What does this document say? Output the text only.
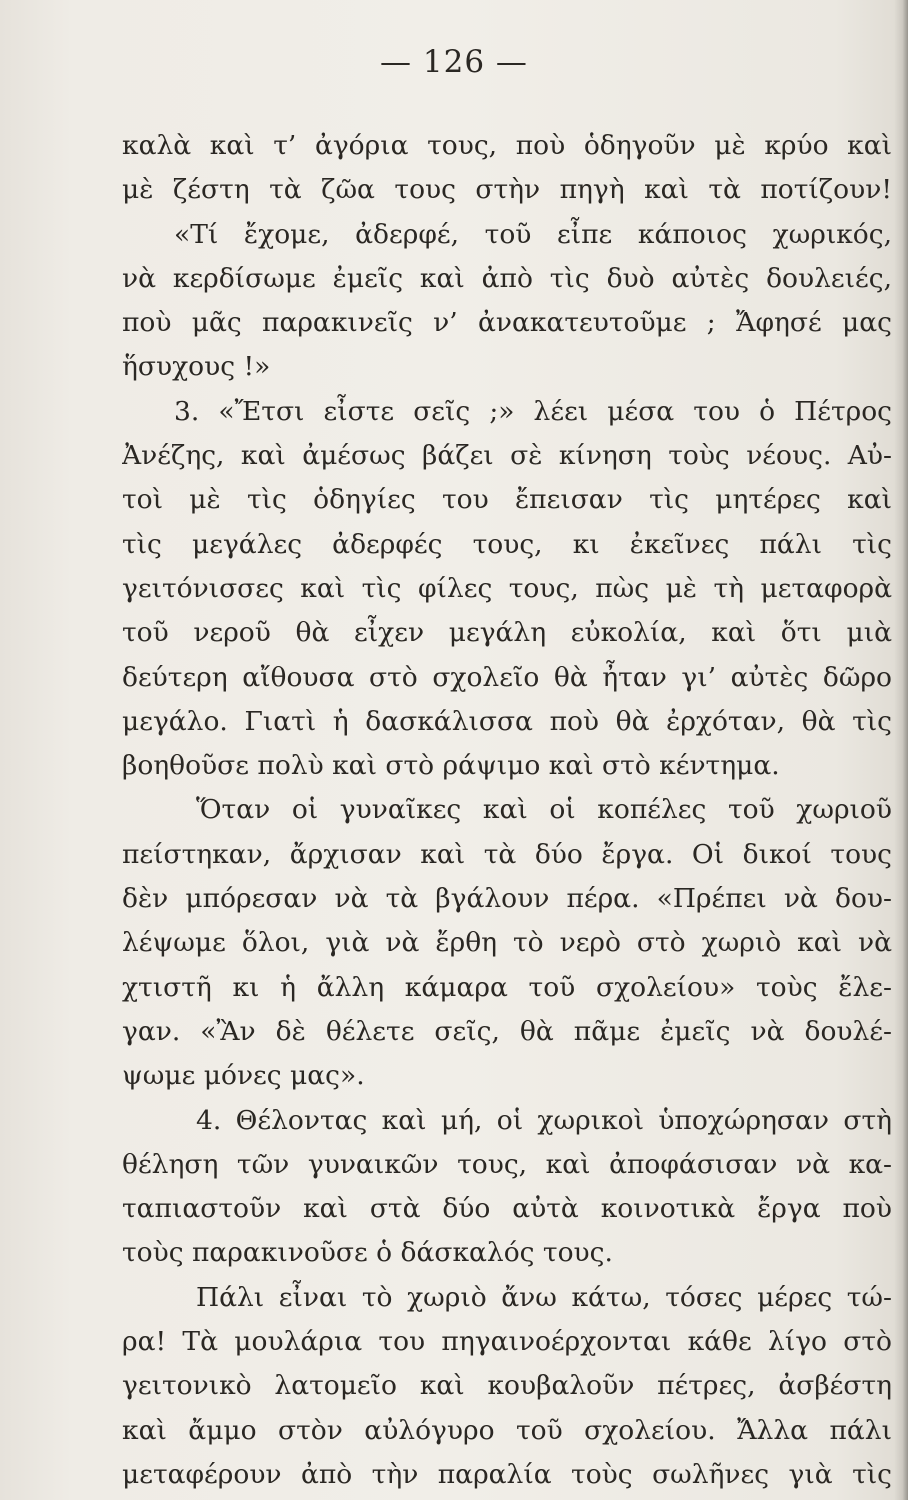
— 126 —
καλὰ καὶ τ’ ἀγόρια τους, ποὺ ὁδηγοῦν μὲ κρύο καὶ
μὲ ζέστη τὰ ζῶα τους στὴν πηγὴ καὶ τὰ ποτίζουν!
«Τί ἔχομε, ἀδερφέ, τοῦ εἶπε κάποιος χωρικός,
νὰ κερδίσωμε ἐμεῖς καὶ ἀπὸ τὶς δυὸ αὐτὲς δουλειές,
ποὺ μᾶς παρακινεῖς ν’ ἀνακατευτοῦμε ; Ἄφησέ μας
ἥσυχους !»
3. «Ἔτσι εἶστε σεῖς ;» λέει μέσα του ὁ Πέτρος
Ἀνέζης, καὶ ἀμέσως βάζει σὲ κίνηση τοὺς νέους. Αὐ-
τοὶ μὲ τὶς ὁδηγίες του ἔπεισαν τὶς μητέρες καὶ
τὶς μεγάλες ἀδερφές τους, κι ἐκεῖνες πάλι τὶς
γειτόνισσες καὶ τὶς φίλες τους, πὼς μὲ τὴ μεταφορὰ
τοῦ νεροῦ θὰ εἶχεν μεγάλη εὐκολία, καὶ ὅτι μιὰ
δεύτερη αἴθουσα στὸ σχολεῖο θὰ ἦταν γι’ αὐτὲς δῶρο
μεγάλο. Γιατὶ ἡ δασκάλισσα ποὺ θὰ ἐρχόταν, θὰ τὶς
βοηθοῦσε πολὺ καὶ στὸ ράψιμο καὶ στὸ κέντημα.
Ὅταν οἱ γυναῖκες καὶ οἱ κοπέλες τοῦ χωριοῦ
πείστηκαν, ἄρχισαν καὶ τὰ δύο ἔργα. Οἱ δικοί τους
δὲν μπόρεσαν νὰ τὰ βγάλουν πέρα. «Πρέπει νὰ δου-
λέψωμε ὅλοι, γιὰ νὰ ἔρθη τὸ νερὸ στὸ χωριὸ καὶ νὰ
χτιστῆ κι ἡ ἄλλη κάμαρα τοῦ σχολείου» τοὺς ἔλε-
γαν. «Ἂν δὲ θέλετε σεῖς, θὰ πᾶμε ἐμεῖς νὰ δουλέ-
ψωμε μόνες μας».
4. Θέλοντας καὶ μή, οἱ χωρικοὶ ὑποχώρησαν στὴ
θέληση τῶν γυναικῶν τους, καὶ ἀποφάσισαν νὰ κα-
ταπιαστοῦν καὶ στὰ δύο αὐτὰ κοινοτικὰ ἔργα ποὺ
τοὺς παρακινοῦσε ὁ δάσκαλός τους.
Πάλι εἶναι τὸ χωριὸ ἄνω κάτω, τόσες μέρες τώ-
ρα! Τὰ μουλάρια του πηγαινοέρχονται κάθε λίγο στὸ
γειτονικὸ λατομεῖο καὶ κουβαλοῦν πέτρες, ἀσβέστη
καὶ ἄμμο στὸν αὐλόγυρο τοῦ σχολείου. Ἄλλα πάλι
μεταφέρουν ἀπὸ τὴν παραλία τοὺς σωλῆνες γιὰ τὶς
